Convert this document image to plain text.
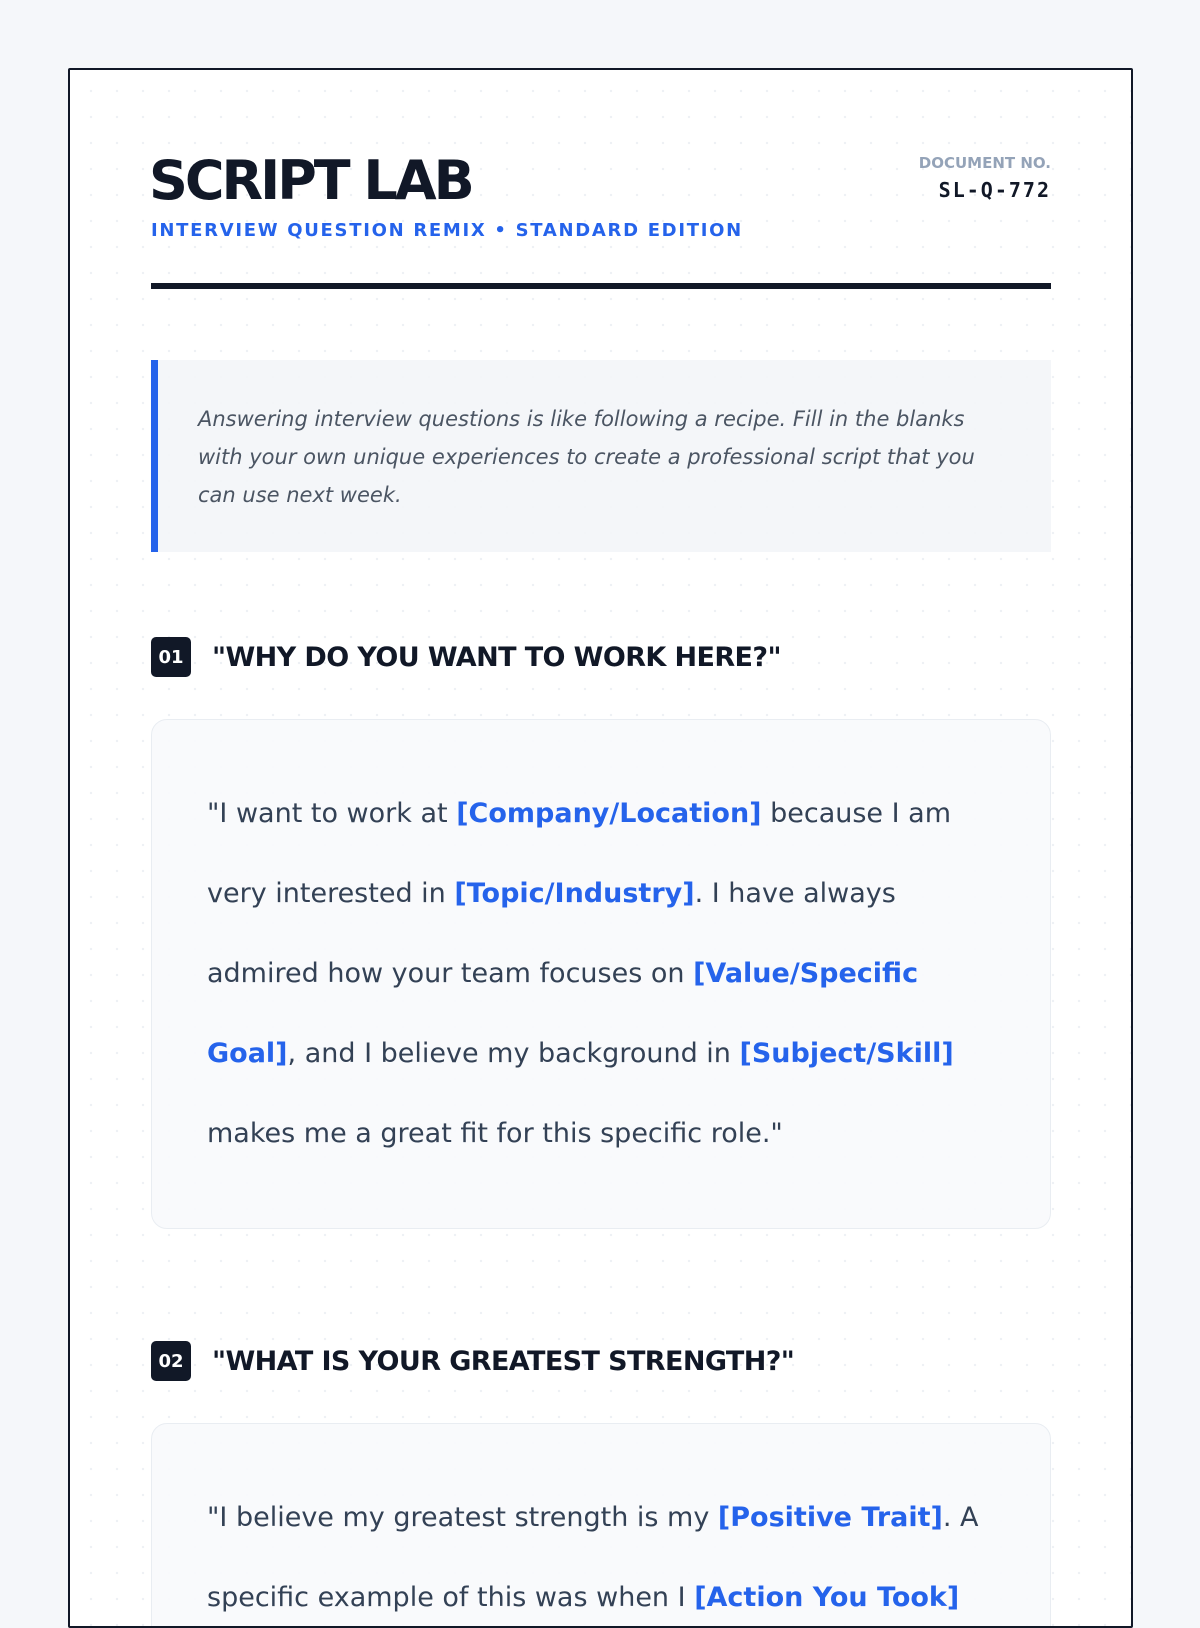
SCRIPT LAB
INTERVIEW QUESTION REMIX • STANDARD EDITION
DOCUMENT NO.
SL-Q-772

Answering interview questions is like following a recipe. Fill in the blanks with your own unique experiences to create a professional script that you can use next week.

01 "WHY DO YOU WANT TO WORK HERE?"

"I want to work at [Company/Location] because I am very interested in [Topic/Industry]. I have always admired how your team focuses on [Value/Specific Goal], and I believe my background in [Subject/Skill] makes me a great fit for this specific role."

02 "WHAT IS YOUR GREATEST STRENGTH?"

"I believe my greatest strength is my [Positive Trait]. A specific example of this was when I [Action You Took]
